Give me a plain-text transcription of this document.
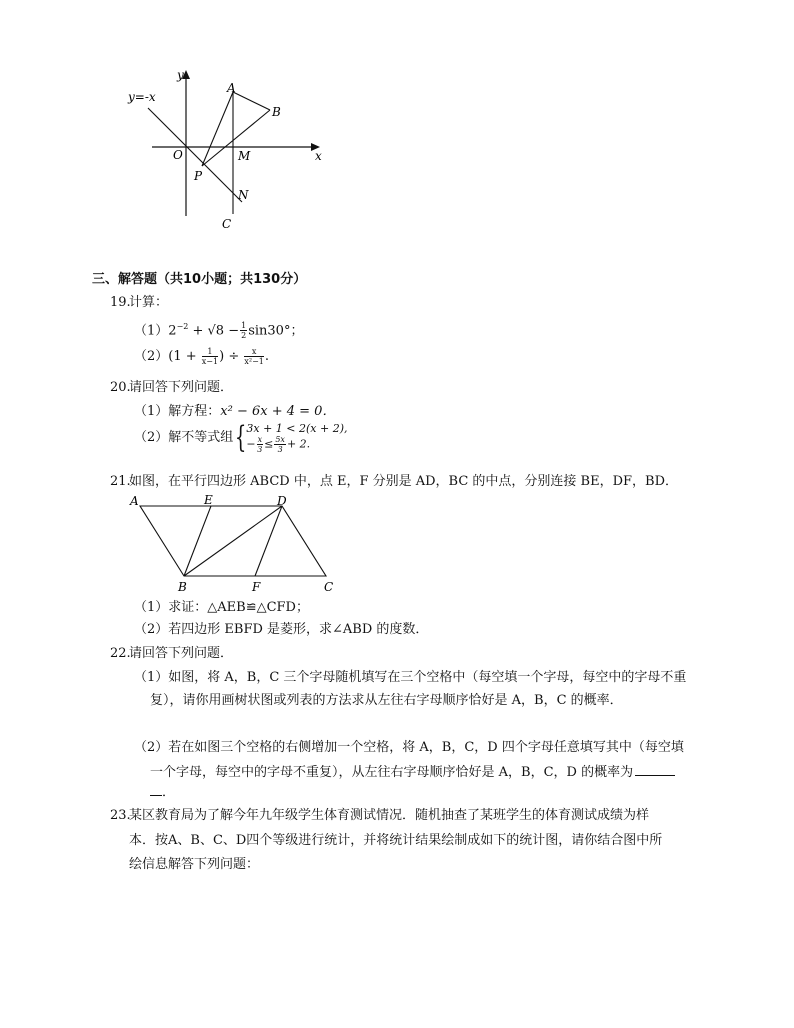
y=-x
y
x
O	M
A
B
P
N
C
三、解答题（共10小题；共130分）
19.
计算：
$(1)2^{-2} + √8 - \frac{1}{2} \sin 30^\circ$；
$(2)(1 + \frac{1}{x-1}$ ) ÷ $\frac{x}{\text{x²−1}}$ .
20.
请回答下列问题．
（1）解方程：x² − 6x + 4 = 0．
（2）解不等式组{ 3x + 1 < 2(x + 2),
− $\frac{x}{3} \le \frac{5x}{3} + 2$.
21.
如图，在平行四边形 ABCD 中，点 E，F 分别是 AD，BC 的中点，分别连接 BE，DF，BD．
A	E	D
B	F	C
（1）求证：△AEB≌△CFD；
（2）若四边形 EBFD 是菱形，求∠ABD 的度数．
22.
请回答下列问题．
（1）如图，将 A，B，C 三个字母随机填写在三个空格中（每空填一个字母，每空中的字母不重
复），请你用画树状图或列表的方法求从左往右字母顺序恰好是 A，B，C 的概率．
（2）若在如图三个空格的右侧增加一个空格，将 A，B，C，D 四个字母任意填写其中（每空填
一个字母，每空中的字母不重复），从左往右字母顺序恰好是 A，B，C，D 的概率为
．
23.
某区教育局为了解今年九年级学生体育测试情况．随机抽查了某班学生的体育测试成绩为样
本．按A、B、C、D四个等级进行统计，并将统计结果绘制成如下的统计图，请你结合图中所
绘信息解答下列问题：
